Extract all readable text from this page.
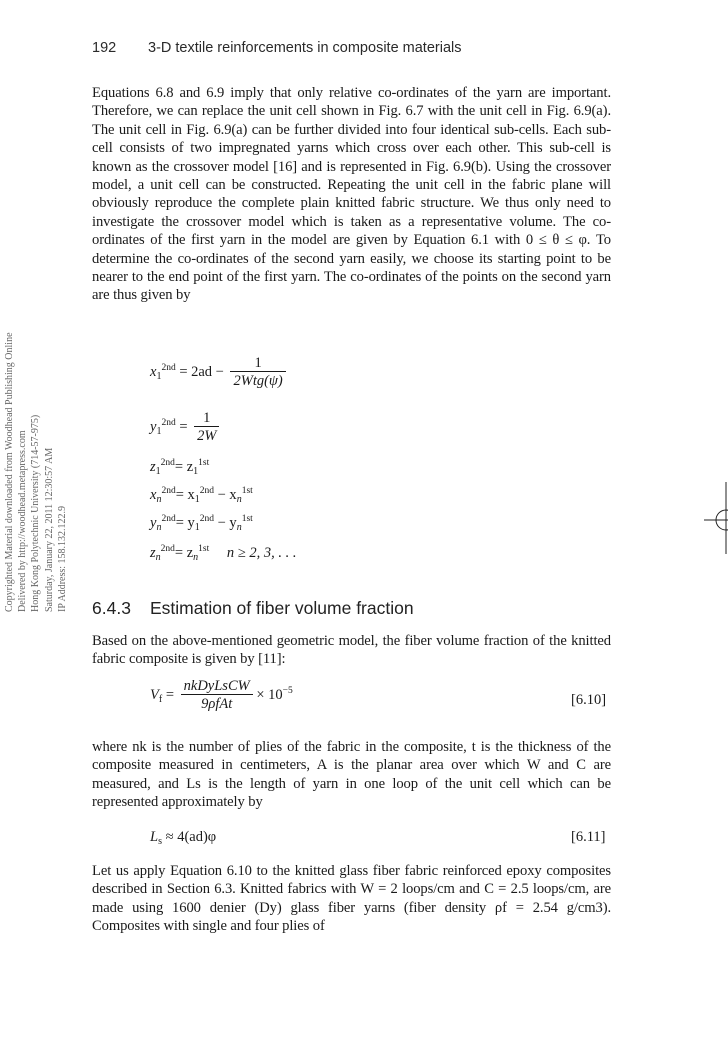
192 3-D textile reinforcements in composite materials
Copyrighted Material downloaded from Woodhead Publishing Online Delivered by http://woodhead.metapress.com Hong Kong Polytechnic University (714-57-975) Saturday, January 22, 2011 12:30:57 AM IP Address: 158.132.122.9

Equations 6.8 and 6.9 imply that only relative co-ordinates of the yarn are important. Therefore, we can replace the unit cell shown in Fig. 6.7 with the unit cell in Fig. 6.9(a). The unit cell in Fig. 6.9(a) can be further divided into four identical sub-cells. Each sub-cell consists of two impregnated yarns which cross over each other. This sub-cell is known as the crossover model [16] and is represented in Fig. 6.9(b). Using the crossover model, a unit cell can be constructed. Repeating the unit cell in the fabric plane will obviously reproduce the complete plain knitted fabric structure. We thus only need to investigate the crossover model which is taken as a representative volume. The co-ordinates of the first yarn in the model are given by Equation 6.1 with 0 ≤ θ ≤ φ. To determine the co-ordinates of the second yarn easily, we choose its starting point to be nearer to the end point of the first yarn. The co-ordinates of the points on the second yarn are thus given by

$x_1^{2nd} = 2ad - \frac{1}{\text{2Wtg(ψ)}}$
$y_1^{2nd} = \frac{1}{2W}$
$z_1^{2nd}= z_1^{1st}$
$x_n^{2nd}= x_1^{2nd} - x_n^{1st}$
$y_n^{2nd}= y_1^{2nd} - y_n^{1st}$
$z_n^{2nd}= z_n^{1st}$ n ≥ 2, 3, . . .
6.4.3 Estimation of fiber volume fraction

Based on the above-mentioned geometric model, the fiber volume fraction of the knitted fabric composite is given by [11]:

$V_f = \frac{\text{nkDyLsCW}}{\text{9ρfAt}} \times 10^{-5}$
[6.10]

where nk is the number of plies of the fabric in the composite, t is the thickness of the composite measured in centimeters, A is the planar area over which W and C are measured, and Ls is the length of yarn in one loop of the unit cell which can be represented approximately by

$L_s \approx 4(ad)\varphi$	[6.11]

Let us apply Equation 6.10 to the knitted glass fiber fabric reinforced epoxy composites described in Section 6.3. Knitted fabrics with W = 2 loops/cm and C = 2.5 loops/cm, are made using 1600 denier (Dy) glass fiber yarns (fiber density ρf = 2.54 g/cm3). Composites with single and four plies of
